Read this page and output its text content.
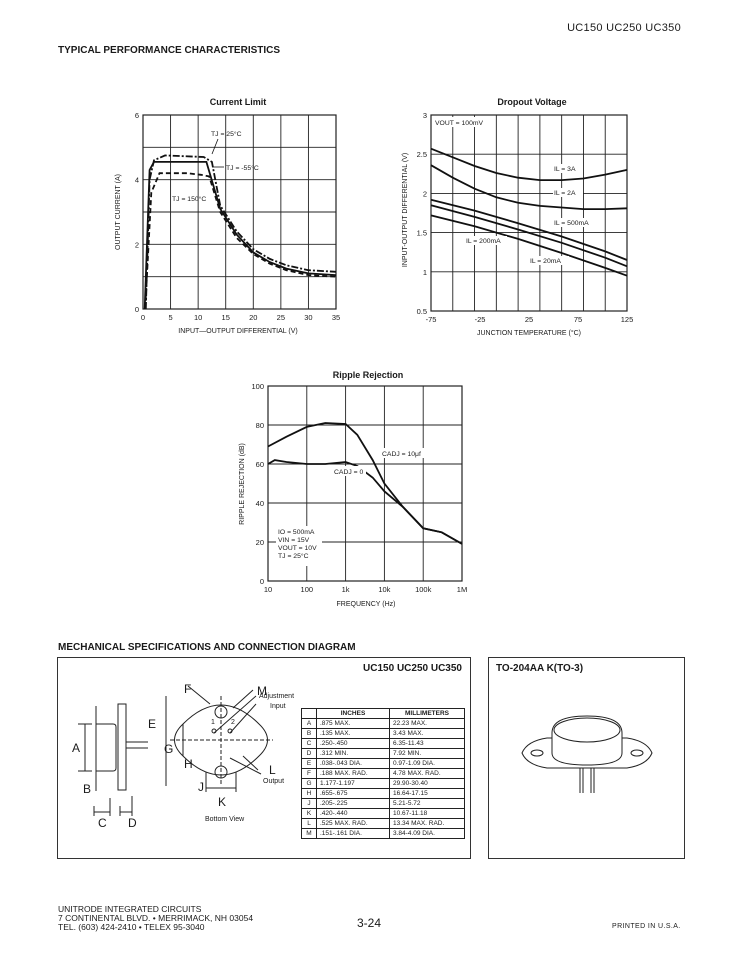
UC150 UC250 UC350
TYPICAL PERFORMANCE CHARACTERISTICS
Current Limit
0	5	10	15	20	25	30	35
0
2
4
6
INPUT—OUTPUT DIFFERENTIAL (V)
OUTPUT CURRENT (A)
TJ = 25°C
TJ = -55°C
TJ = 150°C
Dropout Voltage
-75	-25	25	75	125
0.5
1
1.5
2
2.5
3
JUNCTION TEMPERATURE (°C)
INPUT-OUTPUT DIFFERENTIAL (V)
VOUT = 100mV
IL = 3A
IL = 2A
IL = 500mA
IL = 200mA
IL = 20mA
Ripple Rejection
10	100	1k	10k	100k	1M
0
20
40
60
80
100
FREQUENCY (Hz)
RIPPLE REJECTION (dB)	CADJ = 10μf
CADJ = 0
IO = 500mA
VIN = 15V
VOUT = 10V
TJ = 25°C
MECHANICAL SPECIFICATIONS AND CONNECTION DIAGRAM
UC150 UC250 UC350
F	M
E
A	G
H
J
K
L
B
C D
Adjustment
Input
Output
1 2
Bottom View
	INCHES	MILLIMETERS
A	.875 MAX.	22.23 MAX.
B	.135 MAX.	3.43 MAX.
C	.250-.450	6.35-11.43
D	.312 MIN.	7.92 MIN.
E	.038-.043 DIA.	0.97-1.09 DIA.
F	.188 MAX. RAD.	4.78 MAX. RAD.
G	1.177-1.197	29.90-30.40
H	.655-.675	16.64-17.15
J	.205-.225	5.21-5.72
K	.420-.440	10.67-11.18
L	.525 MAX. RAD.	13.34 MAX. RAD.
M	.151-.161 DIA.	3.84-4.09 DIA.
TO-204AA K(TO-3)
UNITRODE INTEGRATED CIRCUITS
7 CONTINENTAL BLVD. • MERRIMACK, NH 03054
TEL. (603) 424-2410 • TELEX 95-3040	3-24	PRINTED IN U.S.A.
